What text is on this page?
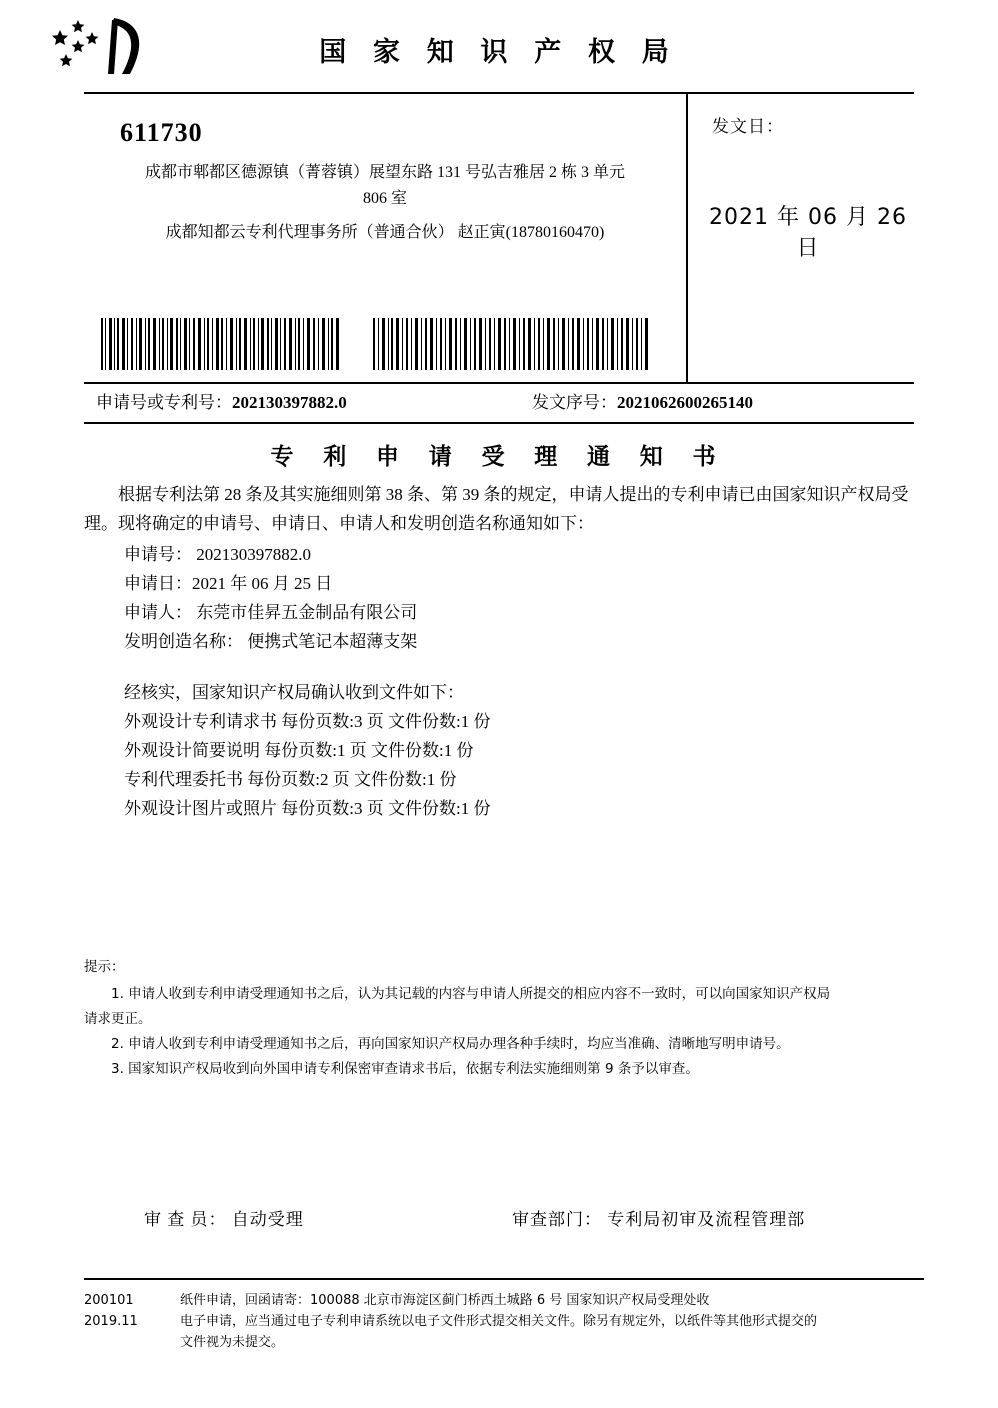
国 家 知 识 产 权 局
611730
成都市郫都区德源镇（菁蓉镇）展望东路 131 号弘吉雅居 2 栋 3 单元
806 室
成都知都云专利代理事务所（普通合伙） 赵正寅(18780160470)
发文日：
2021 年 06 月 26 日
申请号或专利号：202130397882.0	发文序号：2021062600265140
专 利 申 请 受 理 通 知 书

根据专利法第 28 条及其实施细则第 38 条、第 39 条的规定，申请人提出的专利申请已由国家知识产权局受理。现将确定的申请号、申请日、申请人和发明创造名称通知如下：

申请号： 202130397882.0
申请日：2021 年 06 月 25 日
申请人： 东莞市佳昇五金制品有限公司
发明创造名称： 便携式笔记本超薄支架
经核实，国家知识产权局确认收到文件如下：
外观设计专利请求书 每份页数:3 页 文件份数:1 份
外观设计简要说明 每份页数:1 页 文件份数:1 份
专利代理委托书 每份页数:2 页 文件份数:1 份
外观设计图片或照片 每份页数:3 页 文件份数:1 份
提示：
1. 申请人收到专利申请受理通知书之后，认为其记载的内容与申请人所提交的相应内容不一致时，可以向国家知识产权局
请求更正。
2. 申请人收到专利申请受理通知书之后，再向国家知识产权局办理各种手续时，均应当准确、清晰地写明申请号。
3. 国家知识产权局收到向外国申请专利保密审查请求书后，依据专利法实施细则第 9 条予以审查。
审 查 员： 自动受理	审查部门： 专利局初审及流程管理部
200101
2019.11
纸件申请，回函请寄：100088 北京市海淀区蓟门桥西土城路 6 号 国家知识产权局受理处收
电子申请，应当通过电子专利申请系统以电子文件形式提交相关文件。除另有规定外，以纸件等其他形式提交的
文件视为未提交。
